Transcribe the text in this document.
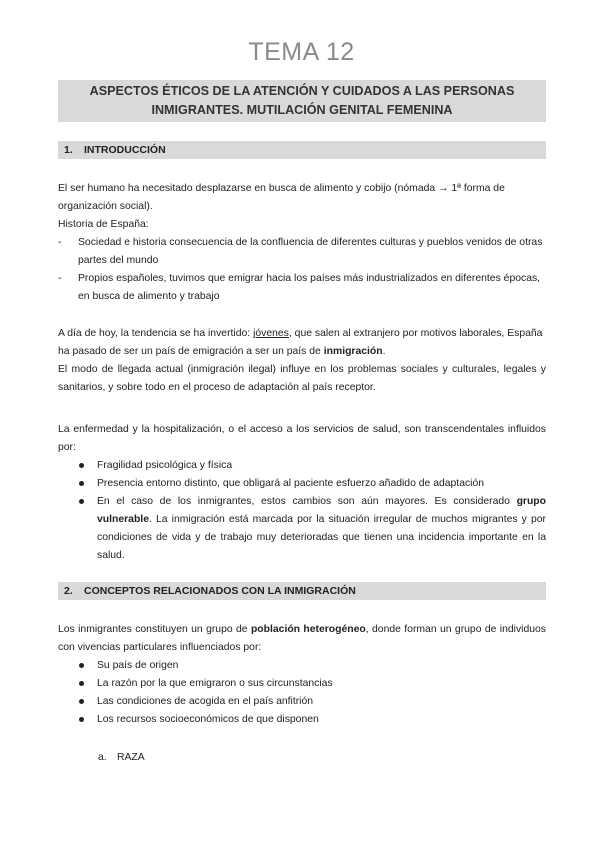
TEMA 12
ASPECTOS ÉTICOS DE LA ATENCIÓN Y CUIDADOS A LAS PERSONAS
INMIGRANTES. MUTILACIÓN GENITAL FEMENINA
1. INTRODUCCIÓN
El ser humano ha necesitado desplazarse en busca de alimento y cobijo (nómada → 1ª forma de organización social).
Historia de España:
- Sociedad e historia consecuencia de la confluencia de diferentes culturas y pueblos venidos de otras partes del mundo
- Propios españoles, tuvimos que emigrar hacia los países más industrializados en diferentes épocas, en busca de alimento y trabajo
A día de hoy, la tendencia se ha invertido: jóvenes, que salen al extranjero por motivos laborales, España ha pasado de ser un país de emigración a ser un país de inmigración.
El modo de llegada actual (inmigración ilegal) influye en los problemas sociales y culturales, legales y sanitarios, y sobre todo en el proceso de adaptación al país receptor.
La enfermedad y la hospitalización, o el acceso a los servicios de salud, son transcendentales influidos por:
Fragilidad psicológica y física
Presencia entorno distinto, que obligará al paciente esfuerzo añadido de adaptación
En el caso de los inmigrantes, estos cambios son aún mayores. Es considerado grupo vulnerable. La inmigración está marcada por la situación irregular de muchos migrantes y por condiciones de vida y de trabajo muy deterioradas que tienen una incidencia importante en la salud.
2. CONCEPTOS RELACIONADOS CON LA INMIGRACIÓN
Los inmigrantes constituyen un grupo de población heterogéneo, donde forman un grupo de individuos con vivencias particulares influenciados por:
Su país de origen
La razón por la que emigraron o sus circunstancias
Las condiciones de acogida en el país anfitrión
Los recursos socioeconómicos de que disponen
a. RAZA
